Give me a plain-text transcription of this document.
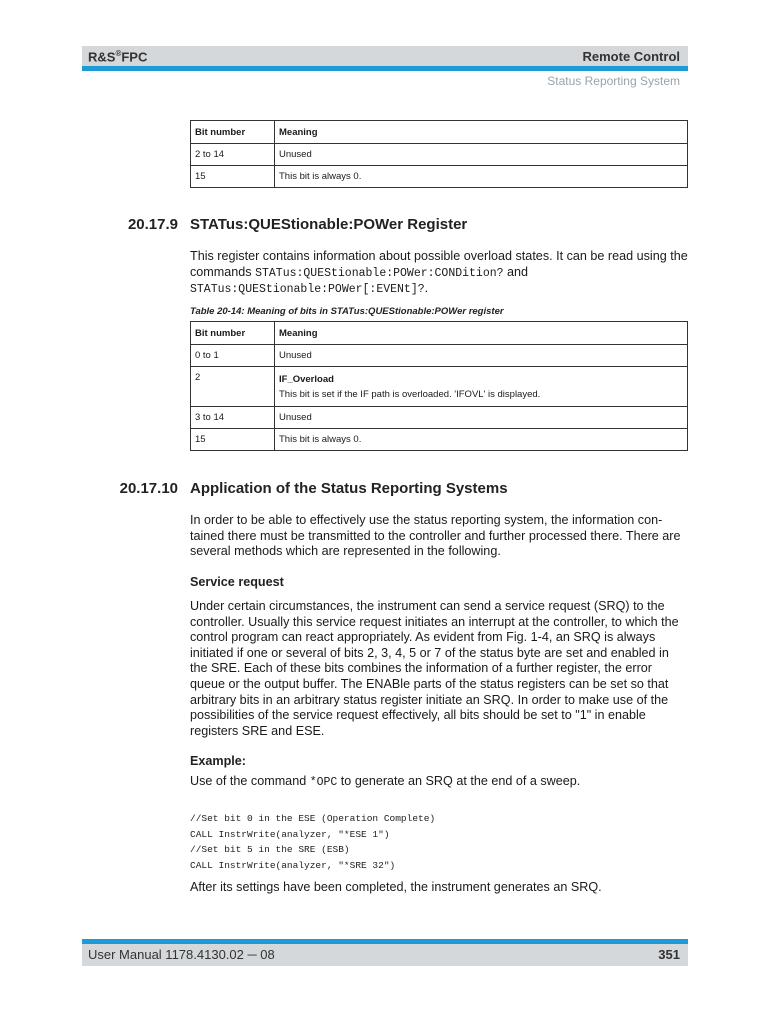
R&S®FPC	Remote Control
Status Reporting System
Bit number	Meaning
2 to 14	Unused
15	This bit is always 0.
20.17.9 STATus:QUEStionable:POWer Register

This register contains information about possible overload states. It can be read using the commands STATus:QUEStionable:POWer:CONDition? and STATus:QUEStionable:POWer[:EVENt]?.

Table 20-14: Meaning of bits in STATus:QUEStionable:POWer register
Bit number	Meaning
0 to 1	Unused
2	IF_Overload
This bit is set if the IF path is overloaded. 'IFOVL' is displayed.
3 to 14	Unused
15	This bit is always 0.
20.17.10 Application of the Status Reporting Systems

In order to be able to effectively use the status reporting system, the information contained there must be transmitted to the controller and further processed there. There are several methods which are represented in the following.

Service request

Under certain circumstances, the instrument can send a service request (SRQ) to the controller. Usually this service request initiates an interrupt at the controller, to which the control program can react appropriately. As evident from Fig. 1-4, an SRQ is always initiated if one or several of bits 2, 3, 4, 5 or 7 of the status byte are set and enabled in the SRE. Each of these bits combines the information of a further register, the error queue or the output buffer. The ENABle parts of the status registers can be set so that arbitrary bits in an arbitrary status register initiate an SRQ. In order to make use of the possibilities of the service request effectively, all bits should be set to "1" in enable registers SRE and ESE.

Example:

Use of the command *OPC to generate an SRQ at the end of a sweep.

//Set bit 0 in the ESE (Operation Complete)
CALL InstrWrite(analyzer, "*ESE 1")
//Set bit 5 in the SRE (ESB)
CALL InstrWrite(analyzer, "*SRE 32")

After its settings have been completed, the instrument generates an SRQ.

User Manual 1178.4130.02 ─ 08	351
